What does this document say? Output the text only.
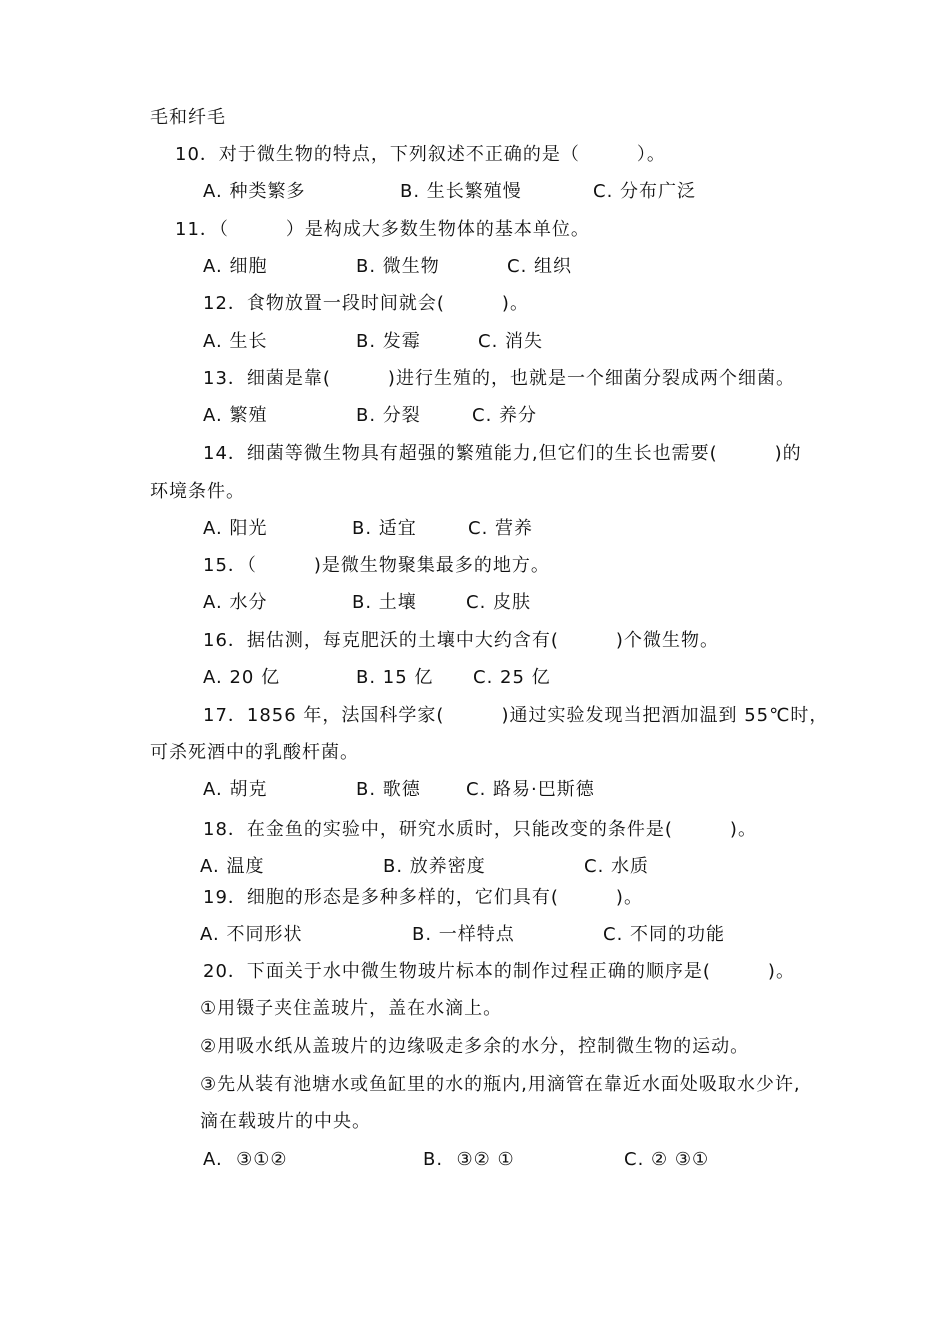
毛和纤毛
10．对于微生物的特点，下列叙述不正确的是（　　　）。
A. 种类繁多	B. 生长繁殖慢	C. 分布广泛
11．（　　　）是构成大多数生物体的基本单位。
A. 细胞	B. 微生物	C. 组织
12．食物放置一段时间就会(　　　)。
A. 生长	B. 发霉	C. 消失
13．细菌是靠(　　　)进行生殖的，也就是一个细菌分裂成两个细菌。
A. 繁殖	B. 分裂	C. 养分
14．细菌等微生物具有超强的繁殖能力,但它们的生长也需要(　　　)的
环境条件。
A. 阳光	B. 适宜	C. 营养
15．（　　　)是微生物聚集最多的地方。
A. 水分	B. 土壤	C. 皮肤
16．据估测，每克肥沃的土壤中大约含有(　　　)个微生物。
A. 20 亿	B. 15 亿 C. 25 亿
17．1856 年，法国科学家(　　　)通过实验发现当把酒加温到 55℃时，
可杀死酒中的乳酸杆菌。
A. 胡克	B. 歌德	C. 路易·巴斯德
18．在金鱼的实验中，研究水质时，只能改变的条件是(　　　)。
A. 温度	B. 放养密度	C. 水质
19．细胞的形态是多种多样的，它们具有(　　　)。
A. 不同形状	B. 一样特点	C. 不同的功能
20．下面关于水中微生物玻片标本的制作过程正确的顺序是(　　　)。
①用镊子夹住盖玻片，盖在水滴上。
②用吸水纸从盖玻片的边缘吸走多余的水分，控制微生物的运动。
③先从装有池塘水或鱼缸里的水的瓶内,用滴管在靠近水面处吸取水少许,
滴在载玻片的中央。
A.  ③①②	B.  ③② ①	C. ② ③①
